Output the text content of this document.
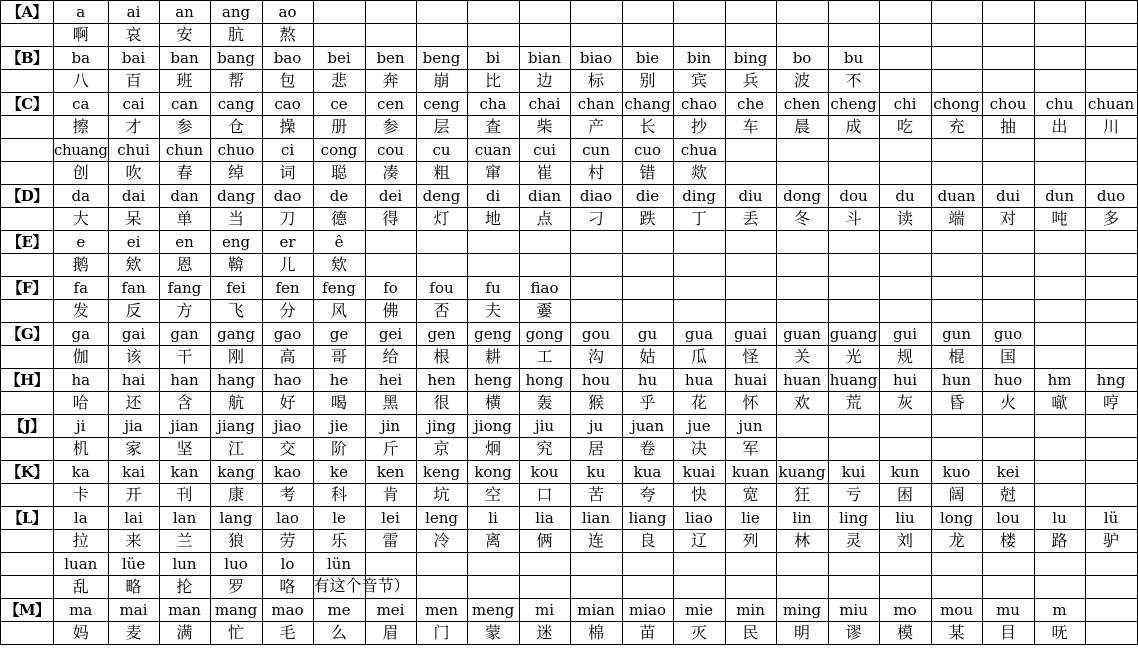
【A】	a	ai	an	ang	ao																
	啊	哀	安	肮	熬																
【B】	ba	bai	ban	bang	bao	bei	ben	beng	bi	bian	biao	bie	bin	bing	bo	bu					
	八	百	班	帮	包	悲	奔	崩	比	边	标	别	宾	兵	波	不					
【C】	ca	cai	can	cang	cao	ce	cen	ceng	cha	chai	chan	chang	chao	che	chen	cheng	chi	chong	chou	chu	chuan
	擦	才	参	仓	操	册	参	层	查	柴	产	长	抄	车	晨	成	吃	充	抽	出	川
	chuang	chui	chun	chuo	ci	cong	cou	cu	cuan	cui	cun	cuo	chua								
	创	吹	春	绰	词	聪	凑	粗	窜	崔	村	错	欻								
【D】	da	dai	dan	dang	dao	de	dei	deng	di	dian	diao	die	ding	diu	dong	dou	du	duan	dui	dun	duo
	大	呆	单	当	刀	德	得	灯	地	点	刁	跌	丁	丢	冬	斗	读	端	对	吨	多
【E】	e	ei	en	eng	er	ê															
	鹅	欸	恩	鞥	儿	欸															
【F】	fa	fan	fang	fei	fen	feng	fo	fou	fu	fiao											
	发	反	方	飞	分	风	佛	否	夫	嫑											
【G】	ga	gai	gan	gang	gao	ge	gei	gen	geng	gong	gou	gu	gua	guai	guan	guang	gui	gun	guo		
	伽	该	干	刚	高	哥	给	根	耕	工	沟	姑	瓜	怪	关	光	规	棍	国		
【H】	ha	hai	han	hang	hao	he	hei	hen	heng	hong	hou	hu	hua	huai	huan	huang	hui	hun	huo	hm	hng
	哈	还	含	航	好	喝	黑	很	横	轰	猴	乎	花	怀	欢	荒	灰	昏	火	噷	哼
【J】	ji	jia	jian	jiang	jiao	jie	jin	jing	jiong	jiu	ju	juan	jue	jun							
	机	家	坚	江	交	阶	斤	京	炯	究	居	卷	决	军							
【K】	ka	kai	kan	kang	kao	ke	ken	keng	kong	kou	ku	kua	kuai	kuan	kuang	kui	kun	kuo	kei		
	卡	开	刊	康	考	科	肯	坑	空	口	苦	夸	快	宽	狂	亏	困	阔	尅		
【L】	la	lai	lan	lang	lao	le	lei	leng	li	lia	lian	liang	liao	lie	lin	ling	liu	long	lou	lu	lü
	拉	来	兰	狼	劳	乐	雷	冷	离	俩	连	良	辽	列	林	灵	刘	龙	楼	路	驴
	luan	lüe	lun	luo	lo	lün															
	乱	略	抡	罗	咯	有这个音节）															

【M】	ma	mai	man	mang	mao	me	mei	men	meng	mi	mian	miao	mie	min	ming	miu	mo	mou	mu	m	
	妈	麦	满	忙	毛	么	眉	门	蒙	迷	棉	苗	灭	民	明	谬	模	某	目	呒	
